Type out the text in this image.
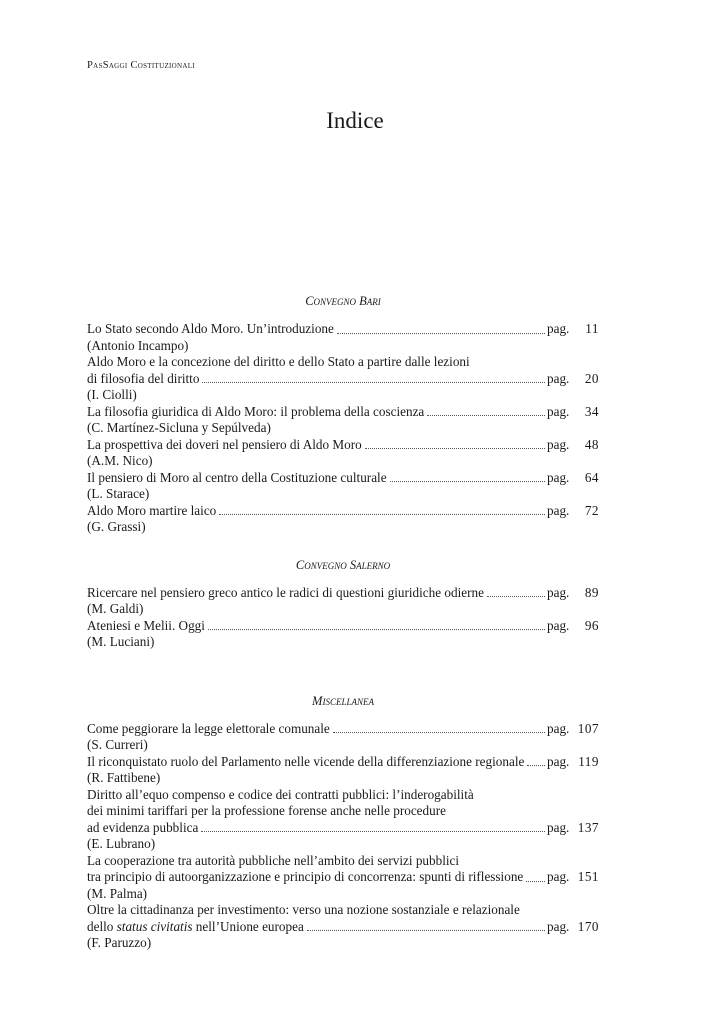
PasSaggi Costituzionali
Indice
Convegno Bari
Lo Stato secondo Aldo Moro. Un’introduzione	pag.	11
(Antonio Incampo)
Aldo Moro e la concezione del diritto e dello Stato a partire dalle lezioni
di filosofia del diritto	pag.	20
(I. Ciolli)
La filosofia giuridica di Aldo Moro: il problema della coscienza	pag.	34
(C. Martínez-Sicluna y Sepúlveda)
La prospettiva dei doveri nel pensiero di Aldo Moro	pag.	48
(A.M. Nico)
Il pensiero di Moro al centro della Costituzione culturale	pag.	64
(L. Starace)
Aldo Moro martire laico	pag.	72
(G. Grassi)
Convegno Salerno
Ricercare nel pensiero greco antico le radici di questioni giuridiche odierne	pag.	89
(M. Galdi)
Ateniesi e Melii. Oggi	pag.	96
(M. Luciani)
Miscellanea
Come peggiorare la legge elettorale comunale	pag. 107
(S. Curreri)
Il riconquistato ruolo del Parlamento nelle vicende della differenziazione regionale pag. 119
(R. Fattibene)
Diritto all’equo compenso e codice dei contratti pubblici: l’inderogabilità
dei minimi tariffari per la professione forense anche nelle procedure
ad evidenza pubblica	pag. 137
(E. Lubrano)
La cooperazione tra autorità pubbliche nell’ambito dei servizi pubblici
tra principio di autoorganizzazione e principio di concorrenza: spunti di riflessione pag. 151
(M. Palma)
Oltre la cittadinanza per investimento: verso una nozione sostanziale e relazionale
dello status civitatis nell’Unione europea	pag. 170
(F. Paruzzo)
